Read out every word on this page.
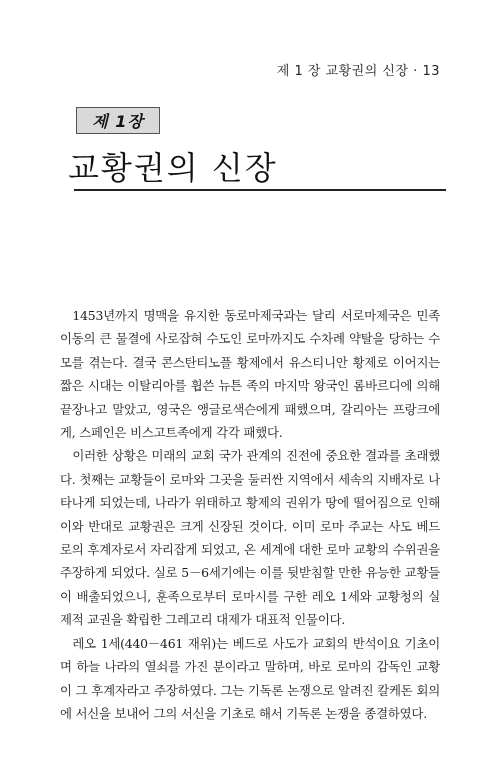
제 1 장 교황권의 신장 · 13
제 1장
교황권의 신장

1453년까지 명맥을 유지한 동로마제국과는 달리 서로마제국은 민족이동의 큰 물결에 사로잡혀 수도인 로마까지도 수차례 약탈을 당하는 수모를 겪는다. 결국 콘스탄티노플 황제에서 유스티니안 황제로 이어지는 짧은 시대는 이탈리아를 휩쓴 뉴튼 족의 마지막 왕국인 롬바르디에 의해 끝장나고 말았고, 영국은 앵글로색슨에게 패했으며, 갈리아는 프랑크에게, 스페인은 비스고트족에게 각각 패했다.

이러한 상황은 미래의 교회 국가 관계의 진전에 중요한 결과를 초래했다. 첫째는 교황들이 로마와 그곳을 둘러싼 지역에서 세속의 지배자로 나타나게 되었는데, 나라가 위태하고 황제의 권위가 땅에 떨어짐으로 인해 이와 반대로 교황권은 크게 신장된 것이다. 이미 로마 주교는 사도 베드로의 후계자로서 자리잡게 되었고, 온 세계에 대한 로마 교황의 수위권을 주장하게 되었다. 실로 5－6세기에는 이를 뒷받침할 만한 유능한 교황들이 배출되었으니, 훈족으로부터 로마시를 구한 레오 1세와 교황청의 실제적 교권을 확립한 그레고리 대제가 대표적 인물이다.

레오 1세(440－461 재위)는 베드로 사도가 교회의 반석이요 기초이며 하늘 나라의 열쇠를 가진 분이라고 말하며, 바로 로마의 감독인 교황이 그 후계자라고 주장하였다. 그는 기독론 논쟁으로 알려진 칼케돈 회의에 서신을 보내어 그의 서신을 기초로 해서 기독론 논쟁을 종결하였다.
